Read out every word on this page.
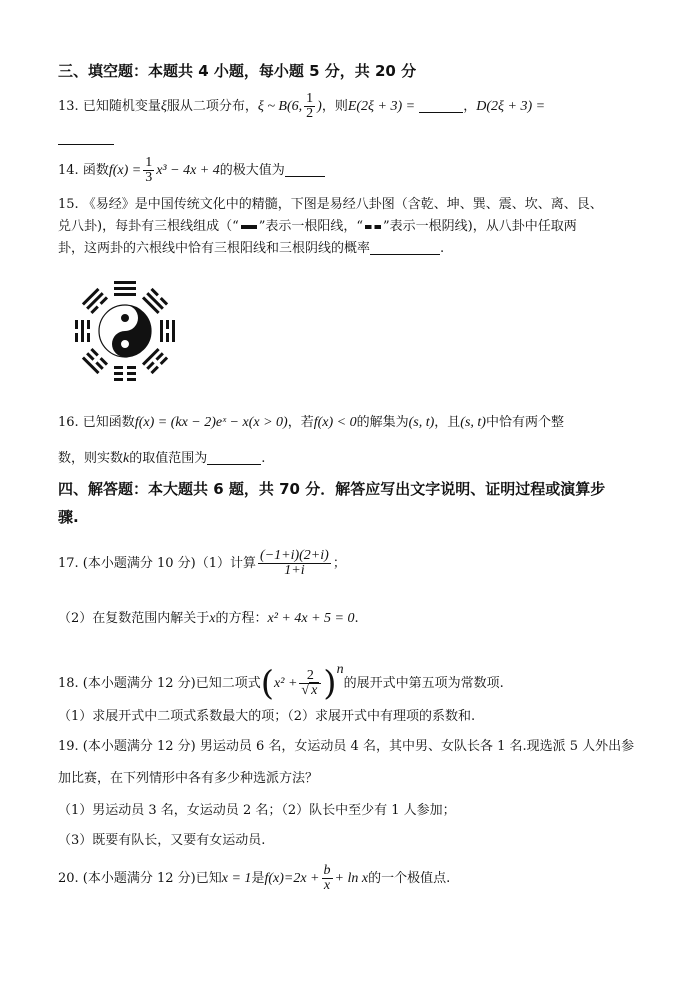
三、填空题：本题共 4 小题，每小题 5 分，共 20 分
13. 已知随机变量ξ服从二项分布，ξ ~ B(6, $\frac{1}{2}$ )，则E(2ξ + 3) =	，D(2ξ + 3) =
14. 函数$f(x) = \frac{1}{3} x^3 - 4x + 4$的极大值为
15. 《易经》是中国传统文化中的精髓，下图是易经八卦图（含乾、坤、巽、震、坎、离、艮、
兑八卦)，每卦有三根线组成（“ ”表示一根阳线，“ ”表示一根阴线)，从八卦中任取两
卦，这两卦的六根线中恰有三根阳线和三根阴线的概率	.
16. 已知函数f(x) = (kx − 2)eˣ − x(x > 0)，若f(x) < 0的解集为(s, t)，且(s, t)中恰有两个整
数，则实数k的取值范围为	.
四、解答题：本大题共 6 题，共 70 分．解答应写出文字说明、证明过程或演算步
骤.
17. (本小题满分 10 分)（1）计算 $\frac{(-1+i)(2+i)}{1+i}$ ；
（2）在复数范围内解关于x的方程：x² + 4x + 5 = 0.
18. (本小题满分 12 分)已知二项式$(x^2 + \frac{2}{√ x} )^n$的展开式中第五项为常数项.
（1）求展开式中二项式系数最大的项；（2）求展开式中有理项的系数和.
19. (本小题满分 12 分) 男运动员 6 名，女运动员 4 名，其中男、女队长各 1 名.现选派 5 人外出参
加比赛，在下列情形中各有多少种选派方法？
（1）男运动员 3 名，女运动员 2 名；（2）队长中至少有 1 人参加；
（3）既要有队长，又要有女运动员.
20. (本小题满分 12 分)已知x = 1是$f(x)=2x + \frac{b}{x} + \ln x$的一个极值点.
